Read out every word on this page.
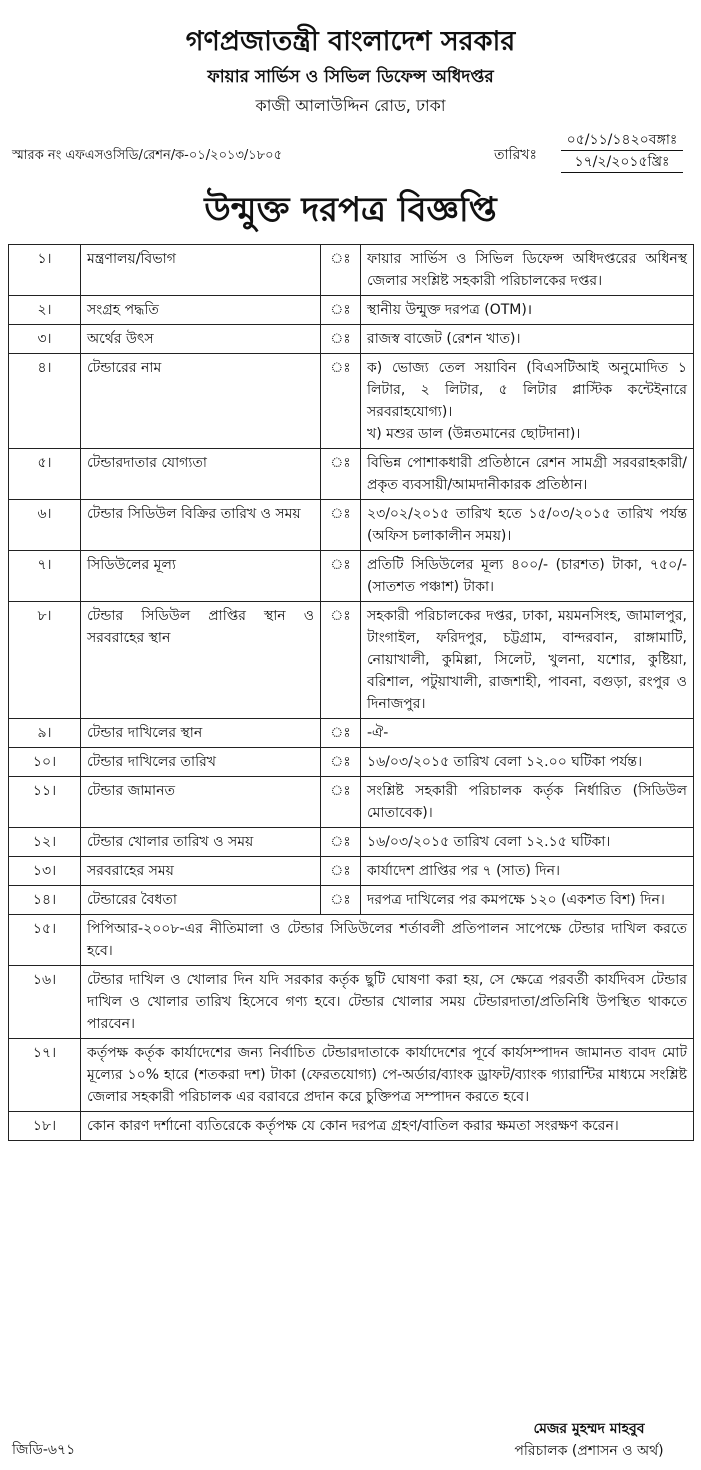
গণপ্রজাতন্ত্রী বাংলাদেশ সরকার
ফায়ার সার্ভিস ও সিভিল ডিফেন্স অধিদপ্তর
কাজী আলাউদ্দিন রোড, ঢাকা
স্মারক নং এফএসওসিডি/রেশন/ক-০১/২০১৩/১৮০৫	তারিখঃ
০৫/১১/১৪২০বঙ্গাঃ
১৭/২/২০১৫খ্রিঃ
উন্মুক্ত দরপত্র বিজ্ঞপ্তি
১।	মন্ত্রণালয়/বিভাগ	ঃ	ফায়ার সার্ভিস ও সিভিল ডিফেন্স অধিদপ্তরের অধিনস্থ জেলার সংশ্লিষ্ট সহকারী পরিচালকের দপ্তর।
২।	সংগ্রহ পদ্ধতি	ঃ	স্থানীয় উন্মুক্ত দরপত্র (OTM)।
৩।	অর্থের উৎস	ঃ	রাজস্ব বাজেট (রেশন খাত)।
৪।	টেন্ডারের নাম	ঃ	ক) ভোজ্য তেল সয়াবিন (বিএসটিআই অনুমোদিত ১ লিটার, ২ লিটার, ৫ লিটার প্লাস্টিক কন্টেইনারে সরবরাহযোগ্য)।
খ) মশুর ডাল (উন্নতমানের ছোটদানা)।

৫।	টেন্ডারদাতার যোগ্যতা	ঃ	বিভিন্ন পোশাকধারী প্রতিষ্ঠানে রেশন সামগ্রী সরবরাহকারী/প্রকৃত ব্যবসায়ী/আমদানীকারক প্রতিষ্ঠান।
৬।	টেন্ডার সিডিউল বিক্রির তারিখ ও সময়	ঃ	২৩/০২/২০১৫ তারিখ হতে ১৫/০৩/২০১৫ তারিখ পর্যন্ত (অফিস চলাকালীন সময়)।
৭।	সিডিউলের মূল্য	ঃ	প্রতিটি সিডিউলের মূল্য ৪০০/- (চারশত) টাকা, ৭৫০/-(সাতশত পঞ্চাশ) টাকা।
৮।	টেন্ডার সিডিউল প্রাপ্তির স্থান ও সরবরাহের স্থান	ঃ	সহকারী পরিচালকের দপ্তর, ঢাকা, ময়মনসিংহ, জামালপুর, টাংগাইল, ফরিদপুর, চট্টগ্রাম, বান্দরবান, রাঙ্গামাটি, নোয়াখালী, কুমিল্লা, সিলেট, খুলনা, যশোর, কুষ্টিয়া, বরিশাল, পটুয়াখালী, রাজশাহী, পাবনা, বগুড়া, রংপুর ও দিনাজপুর।
৯।	টেন্ডার দাখিলের স্থান	ঃ	-ঐ-
১০।	টেন্ডার দাখিলের তারিখ	ঃ	১৬/০৩/২০১৫ তারিখ বেলা ১২.০০ ঘটিকা পর্যন্ত।
১১।	টেন্ডার জামানত	ঃ	সংশ্লিষ্ট সহকারী পরিচালক কর্তৃক নির্ধারিত (সিডিউল মোতাবেক)।
১২।	টেন্ডার খোলার তারিখ ও সময়	ঃ	১৬/০৩/২০১৫ তারিখ বেলা ১২.১৫ ঘটিকা।
১৩।	সরবরাহের সময়	ঃ	কার্যাদেশ প্রাপ্তির পর ৭ (সাত) দিন।
১৪।	টেন্ডারের বৈধতা	ঃ	দরপত্র দাখিলের পর কমপক্ষে ১২০ (একশত বিশ) দিন।
১৫।	পিপিআর-২০০৮-এর নীতিমালা ও টেন্ডার সিডিউলের শর্তাবলী প্রতিপালন সাপেক্ষে টেন্ডার দাখিল করতে হবে।		
১৬।	টেন্ডার দাখিল ও খোলার দিন যদি সরকার কর্তৃক ছুটি ঘোষণা করা হয়, সে ক্ষেত্রে পরবর্তী কার্যদিবস টেন্ডার দাখিল ও খোলার তারিখ হিসেবে গণ্য হবে। টেন্ডার খোলার সময় টেন্ডারদাতা/প্রতিনিধি উপস্থিত থাকতে পারবেন।		
১৭।	কর্তৃপক্ষ কর্তৃক কার্যাদেশের জন্য নির্বাচিত টেন্ডারদাতাকে কার্যাদেশের পূর্বে কার্যসম্পাদন জামানত বাবদ মোট মূল্যের ১০% হারে (শতকরা দশ) টাকা (ফেরতযোগ্য) পে-অর্ডার/ব্যাংক ড্রাফট/ব্যাংক গ্যারান্টির মাধ্যমে সংশ্লিষ্ট জেলার সহকারী পরিচালক এর বরাবরে প্রদান করে চুক্তিপত্র সম্পাদন করতে হবে।		
১৮।	কোন কারণ দর্শানো ব্যতিরেকে কর্তৃপক্ষ যে কোন দরপত্র গ্রহণ/বাতিল করার ক্ষমতা সংরক্ষণ করেন।		
জিডি-৬৭১
মেজর মুহম্মদ মাহবুব
পরিচালক (প্রশাসন ও অর্থ)
